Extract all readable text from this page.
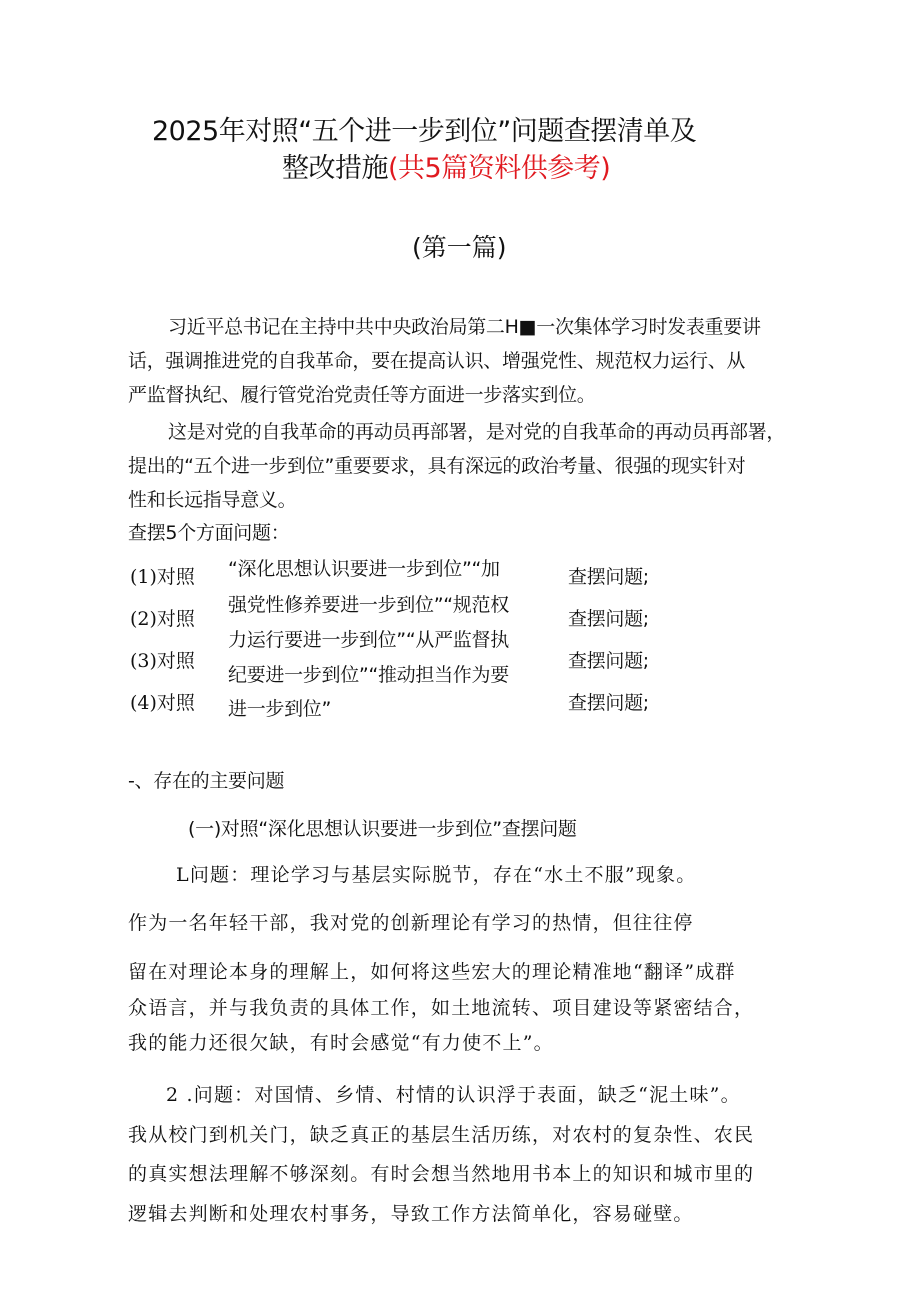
2025年对照“五个进一步到位”问题查摆清单及
整改措施(共5篇资料供参考)
(第一篇)
习近平总书记在主持中共中央政治局第二H■一次集体学习时发表重要讲
话，强调推进党的自我革命，要在提高认识、增强党性、规范权力运行、从
严监督执纪、履行管党治党责任等方面进一步落实到位。
这是对党的自我革命的再动员再部署，是对党的自我革命的再动员再部署，
提出的“五个进一步到位”重要要求，具有深远的政治考量、很强的现实针对
性和长远指导意义。
查摆5个方面问题：
(1)对照
(2)对照
(3)对照
(4)对照
“深化思想认识要进一步到位”“加
强党性修养要进一步到位”“规范权
力运行要进一步到位”“从严监督执
纪要进一步到位”“推动担当作为要
进一步到位”
查摆问题;
查摆问题;
查摆问题;
查摆问题;
-、存在的主要问题
(一)对照“深化思想认识要进一步到位”查摆问题
L问题：理论学习与基层实际脱节，存在“水土不服”现象。
作为一名年轻干部，我对党的创新理论有学习的热情，但往往停
留在对理论本身的理解上，如何将这些宏大的理论精准地“翻译”成群
众语言，并与我负责的具体工作，如土地流转、项目建设等紧密结合，
我的能力还很欠缺，有时会感觉“有力使不上”。
2 .问题：对国情、乡情、村情的认识浮于表面，缺乏“泥土味”。
我从校门到机关门，缺乏真正的基层生活历练，对农村的复杂性、农民
的真实想法理解不够深刻。有时会想当然地用书本上的知识和城市里的
逻辑去判断和处理农村事务，导致工作方法简单化，容易碰壁。
